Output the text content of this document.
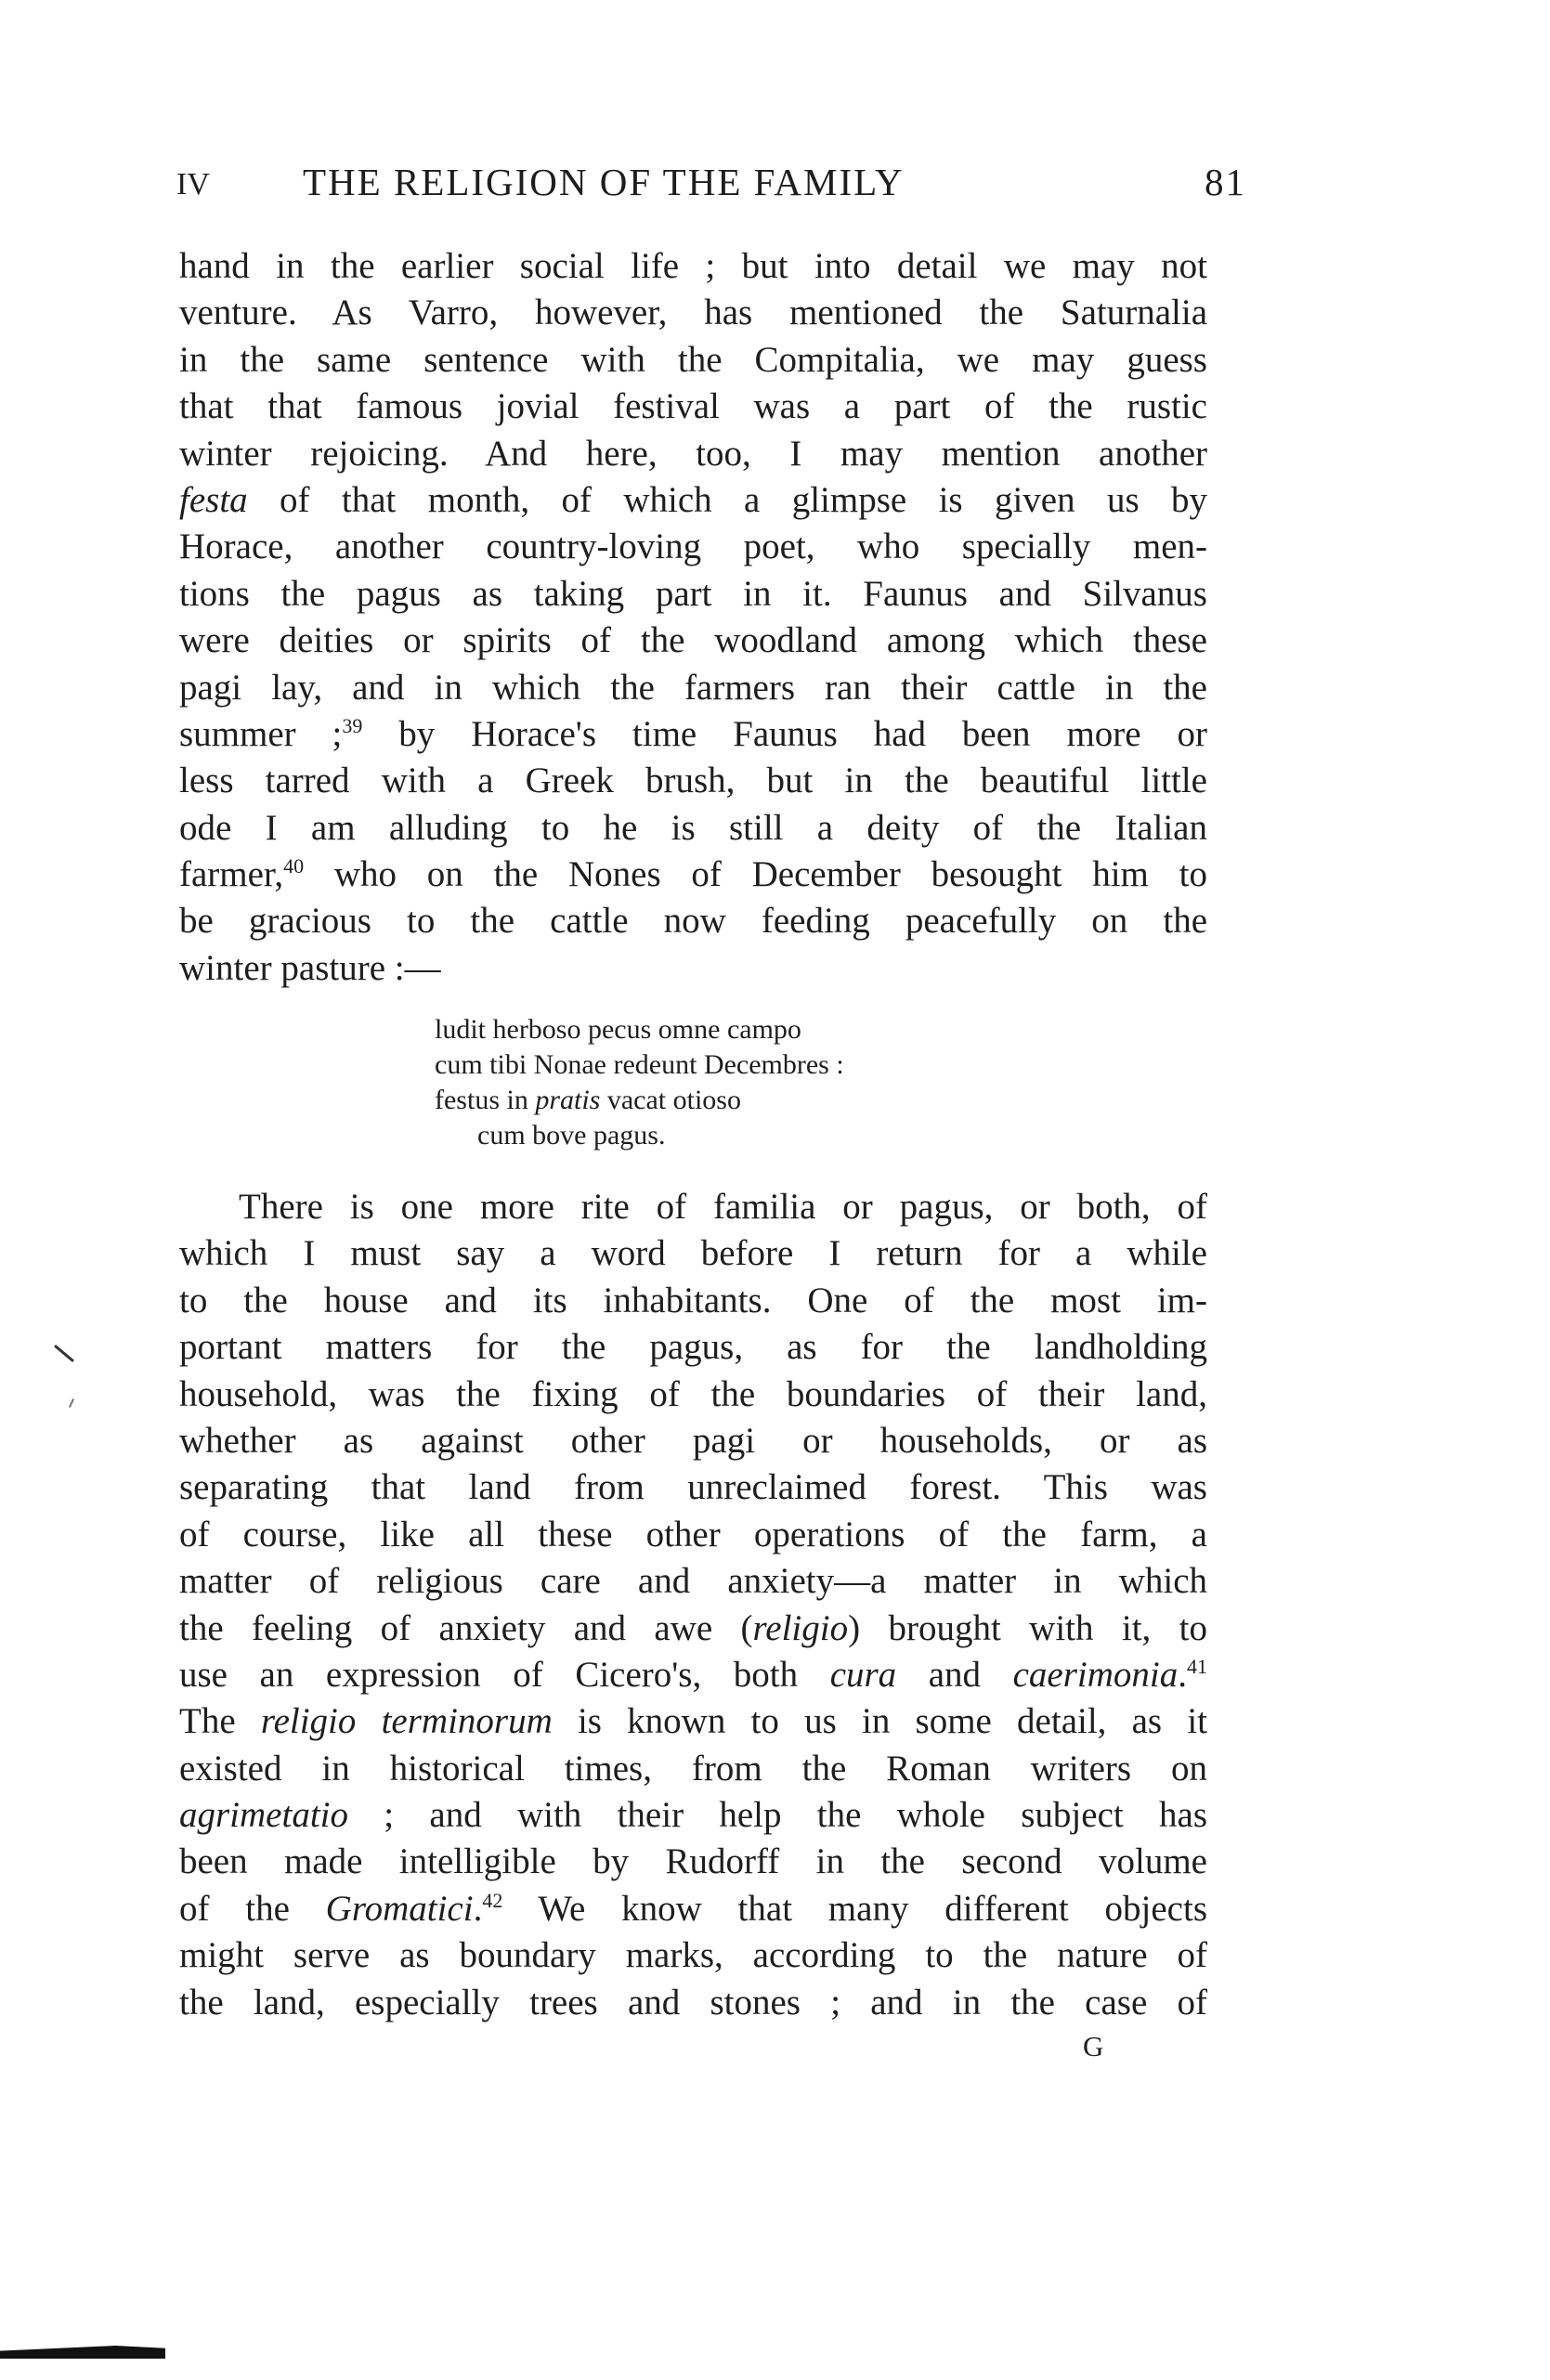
IV THE RELIGION OF THE FAMILY	81
hand in the earlier social life ; but into detail we may not
venture. As Varro, however, has mentioned the Saturnalia
in the same sentence with the Compitalia, we may guess
that that famous jovial festival was a part of the rustic
winter rejoicing. And here, too, I may mention another
festa of that month, of which a glimpse is given us by
Horace, another country-loving poet, who specially men-
tions the pagus as taking part in it. Faunus and Silvanus
were deities or spirits of the woodland among which these
pagi lay, and in which the farmers ran their cattle in the
summer ;$^{39}$ by Horace's time Faunus had been more or
less tarred with a Greek brush, but in the beautiful little
ode I am alluding to he is still a deity of the Italian
farmer,$^{40}$ who on the Nones of December besought him to
be gracious to the cattle now feeding peacefully on the
winter pasture :—
ludit herboso pecus omne campo
cum tibi Nonae redeunt Decembres :
festus in pratis vacat otioso
cum bove pagus.
There is one more rite of familia or pagus, or both, of
which I must say a word before I return for a while
to the house and its inhabitants. One of the most im-
portant matters for the pagus, as for the landholding
household, was the fixing of the boundaries of their land,
whether as against other pagi or households, or as
separating that land from unreclaimed forest. This was
of course, like all these other operations of the farm, a
matter of religious care and anxiety—a matter in which
the feeling of anxiety and awe (religio) brought with it, to
use an expression of Cicero's, both cura and caerimonia.$^{41}$
The religio terminorum is known to us in some detail, as it
existed in historical times, from the Roman writers on
agrimetatio ; and with their help the whole subject has
been made intelligible by Rudorff in the second volume
of the Gromatici.$^{42}$ We know that many different objects
might serve as boundary marks, according to the nature of
the land, especially trees and stones ; and in the case of
G
